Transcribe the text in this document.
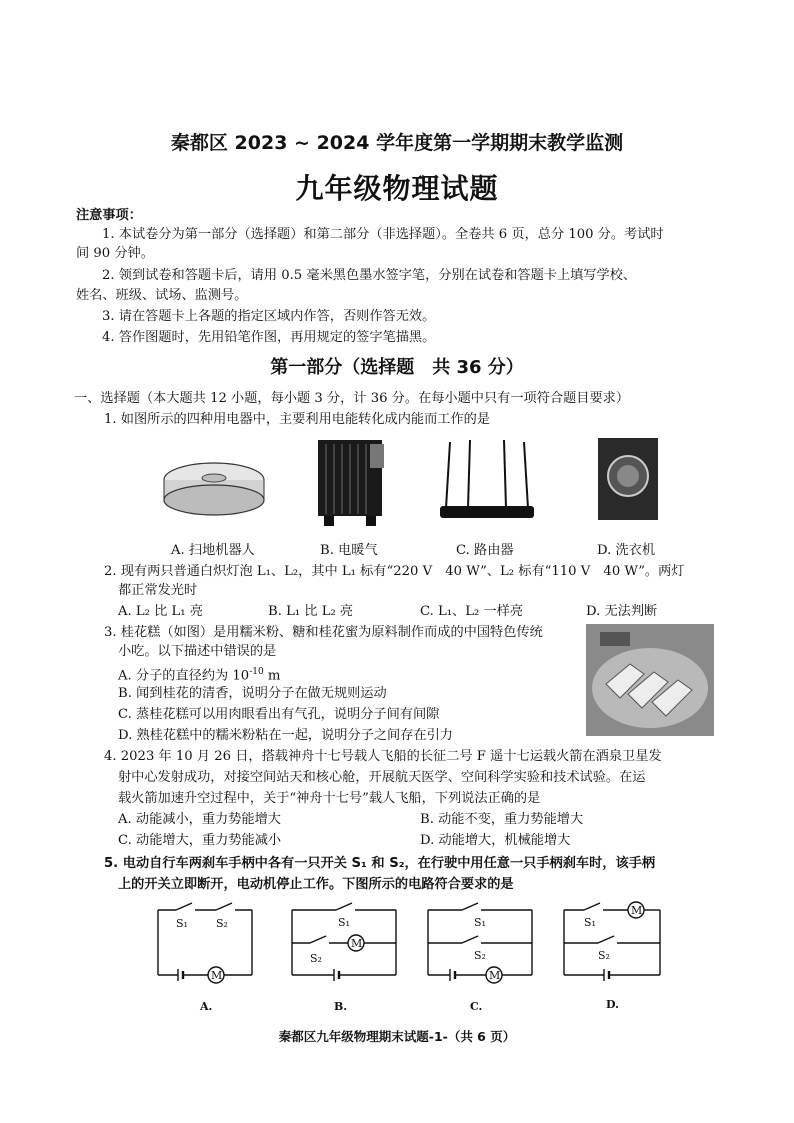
秦都区 2023 ~ 2024 学年度第一学期期末教学监测
九年级物理试题
注意事项：
1. 本试卷分为第一部分（选择题）和第二部分（非选择题）。全卷共 6 页，总分 100 分。考试时
间 90 分钟。
2. 领到试卷和答题卡后，请用 0.5 毫米黑色墨水签字笔，分别在试卷和答题卡上填写学校、
姓名、班级、试场、监测号。
3. 请在答题卡上各题的指定区域内作答，否则作答无效。
4. 答作图题时，先用铅笔作图，再用规定的签字笔描黑。
第一部分（选择题　共 36 分）
一、选择题（本大题共 12 小题，每小题 3 分，计 36 分。在每小题中只有一项符合题目要求）
1. 如图所示的四种用电器中，主要利用电能转化成内能而工作的是
A. 扫地机器人	B. 电暖气	C. 路由器	D. 洗衣机
2. 现有两只普通白炽灯泡 L₁、L₂，其中 L₁ 标有“220 V　40 W”、L₂ 标有“110 V　40 W”。两灯
都正常发光时
A. L₂ 比 L₁ 亮	B. L₁ 比 L₂ 亮	C. L₁、L₂ 一样亮	D. 无法判断
3. 桂花糕（如图）是用糯米粉、糖和桂花蜜为原料制作而成的中国特色传统
小吃。以下描述中错误的是
A. 分子的直径约为 $10^{-10}$ m
B. 闻到桂花的清香，说明分子在做无规则运动
C. 蒸桂花糕可以用肉眼看出有气孔，说明分子间有间隙
D. 熟桂花糕中的糯米粉粘在一起，说明分子之间存在引力
4. 2023 年 10 月 26 日，搭载神舟十七号载人飞船的长征二号 F 遥十七运载火箭在酒泉卫星发
射中心发射成功，对接空间站天和核心舱，开展航天医学、空间科学实验和技术试验。在运
载火箭加速升空过程中，关于“神舟十七号”载人飞船，下列说法正确的是
A. 动能减小，重力势能增大	B. 动能不变，重力势能增大
C. 动能增大，重力势能减小	D. 动能增大，机械能增大
5. 电动自行车两刹车手柄中各有一只开关 S₁ 和 S₂，在行驶中用任意一只手柄刹车时，该手柄
上的开关立即断开，电动机停止工作。下图所示的电路符合要求的是
S₁	S₂
M
A.
S₁
S₂
M
B.
S₁
S₂
M
C.
S₁
S₂
M
D.
秦都区九年级物理期末试题-1-（共 6 页）
